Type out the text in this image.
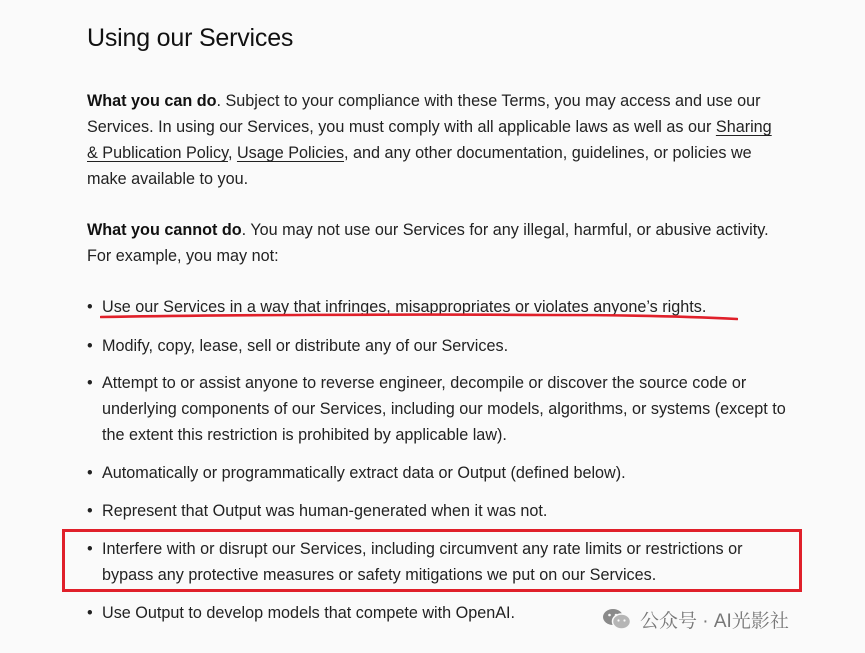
Using our Services

What you can do. Subject to your compliance with these Terms, you may access and use our Services. In using our Services, you must comply with all applicable laws as well as our Sharing & Publication Policy, Usage Policies, and any other documentation, guidelines, or policies we make available to you.

What you cannot do. You may not use our Services for any illegal, harmful, or abusive activity. For example, you may not:

• Use our Services in a way that infringes, misappropriates or violates anyone’s rights.
• Modify, copy, lease, sell or distribute any of our Services.
• Attempt to or assist anyone to reverse engineer, decompile or discover the source code or underlying components of our Services, including our models, algorithms, or systems (except to the extent this restriction is prohibited by applicable law).
• Automatically or programmatically extract data or Output (defined below).
• Represent that Output was human-generated when it was not.
• Interfere with or disrupt our Services, including circumvent any rate limits or restrictions or bypass any protective measures or safety mitigations we put on our Services.
• Use Output to develop models that compete with OpenAI.	公众号 · AI光影社
